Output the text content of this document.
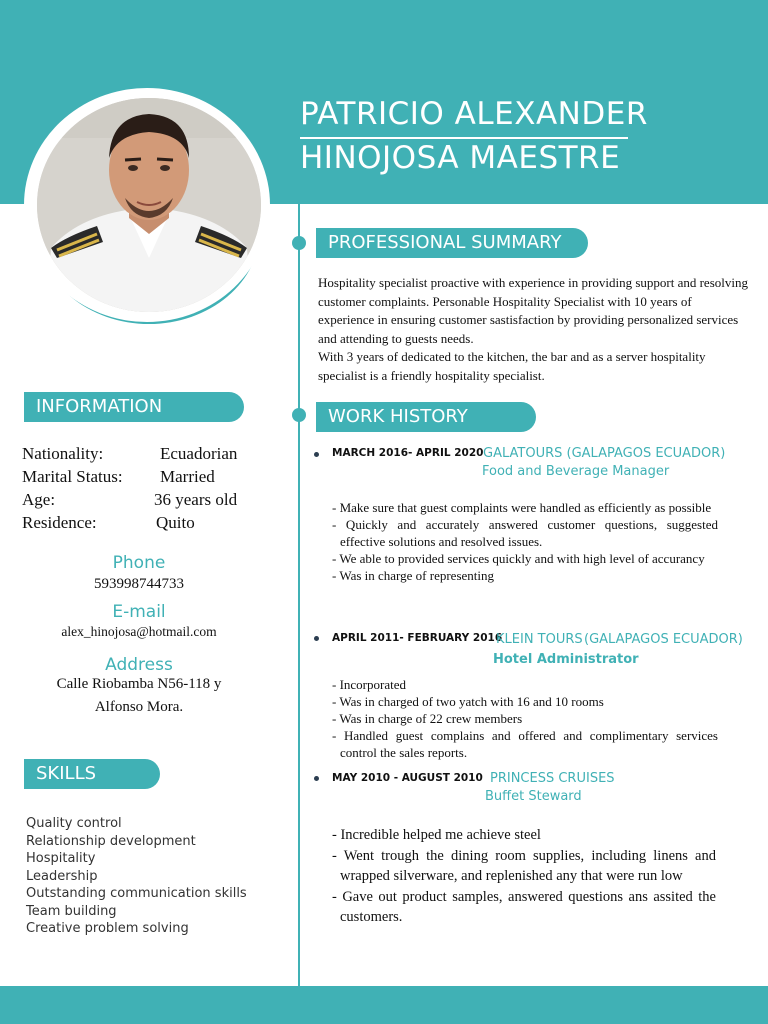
PATRICIO ALEXANDER
HINOJOSA MAESTRE
PROFESSIONAL SUMMARY
Hospitality specialist proactive with experience in providing support and resolving customer complaints. Personable Hospitality Specialist with 10 years of experience in ensuring customer sastisfaction by providing personalized services and attending to guests needs.
With 3 years of dedicated to the kitchen, the bar and as a server hospitality specialist is a friendly hospitality specialist.
INFORMATION
Nationality:	Ecuadorian
Marital Status: Married
Age:	36 years old
Residence:	Quito
Phone
593998744733
E-mail
alex_hinojosa@hotmail.com
Address
Calle Riobamba N56-118 y
Alfonso Mora.
SKILLS
Quality control
Relationship development
Hospitality
Leadership
Outstanding communication skills
Team building
Creative problem solving
WORK HISTORY
MARCH 2016- APRIL 2020 GALATOURS (GALAPAGOS ECUADOR)
Food and Beverage Manager
- Make sure that guest complaints were handled as efficiently as possible
- Quickly and accurately answered customer questions, suggested effective solutions and resolved issues.
- We able to provided services quickly and with high level of accurancy
- Was in charge of representing
APRIL 2011- FEBRUARY 2016
KLEIN TOURS (GALAPAGOS ECUADOR)
Hotel Administrator
- Incorporated
- Was in charged of two yatch with 16 and 10 rooms
- Was in charge of 22 crew members
- Handled guest complains and offered and complimentary services control the sales reports.
MAY 2010 - AUGUST 2010 PRINCESS CRUISES
Buffet Steward
- Incredible helped me achieve steel
- Went trough the dining room supplies, including linens and wrapped silverware, and replenished any that were run low
- Gave out product samples, answered questions ans assited the customers.
